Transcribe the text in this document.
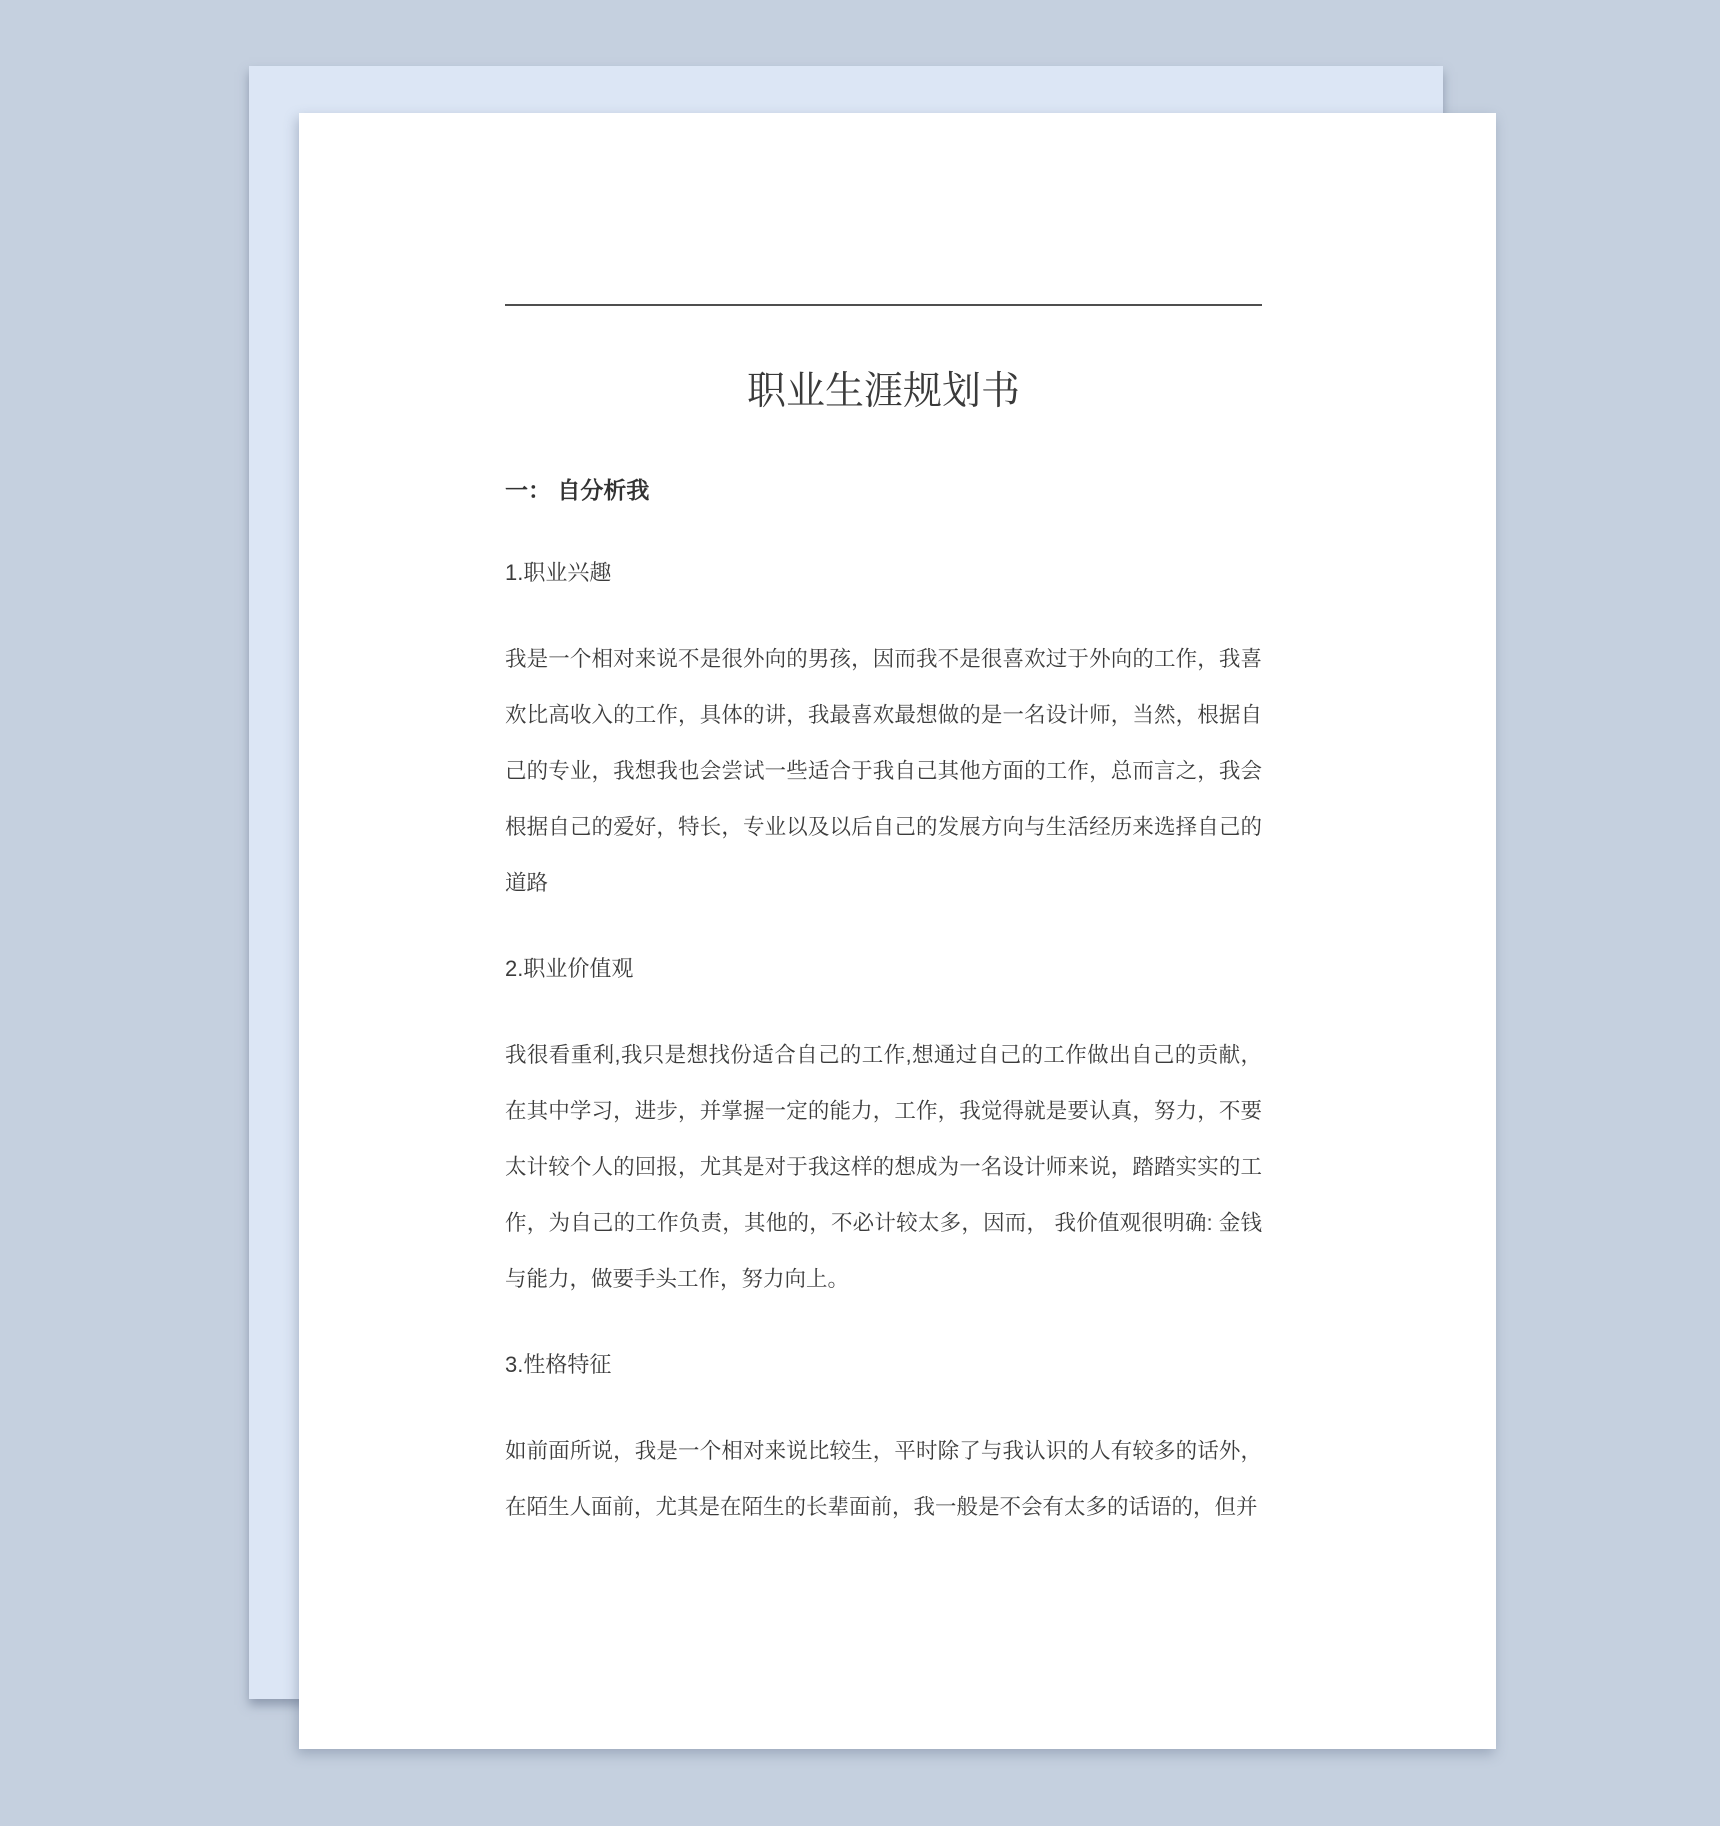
职业生涯规划书
一： 自分析我
1.职业兴趣

我是一个相对来说不是很外向的男孩，因而我不是很喜欢过于外向的工作，我喜欢比高收入的工作，具体的讲，我最喜欢最想做的是一名设计师，当然，根据自己的专业，我想我也会尝试一些适合于我自己其他方面的工作，总而言之，我会根据自己的爱好，特长，专业以及以后自己的发展方向与生活经历来选择自己的道路

2.职业价值观

我很看重利,我只是想找份适合自己的工作,想通过自己的工作做出自己的贡献，在其中学习，进步，并掌握一定的能力，工作，我觉得就是要认真，努力，不要太计较个人的回报，尤其是对于我这样的想成为一名设计师来说，踏踏实实的工作，为自己的工作负责，其他的，不必计较太多，因而， 我价值观很明确: 金钱与能力，做要手头工作，努力向上。

3.性格特征

如前面所说，我是一个相对来说比较生，平时除了与我认识的人有较多的话外，在陌生人面前，尤其是在陌生的长辈面前，我一般是不会有太多的话语的，但并
